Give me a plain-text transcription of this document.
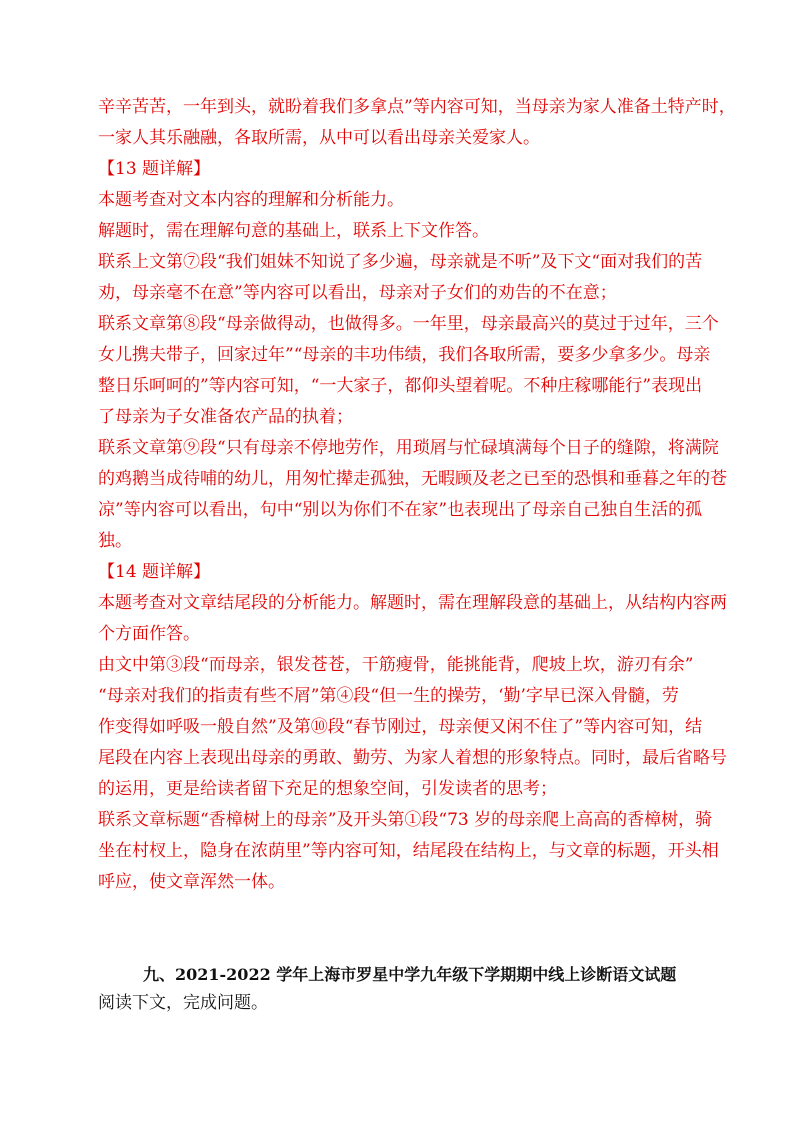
辛辛苦苦，一年到头，就盼着我们多拿点”等内容可知，当母亲为家人准备土特产时，
一家人其乐融融，各取所需，从中可以看出母亲关爱家人。
【13 题详解】
本题考查对文本内容的理解和分析能力。
解题时，需在理解句意的基础上，联系上下文作答。
联系上文第⑦段“我们姐妹不知说了多少遍，母亲就是不听”及下文“面对我们的苦
劝，母亲毫不在意”等内容可以看出，母亲对子女们的劝告的不在意；
联系文章第⑧段“母亲做得动，也做得多。一年里，母亲最高兴的莫过于过年，三个
女儿携夫带子，回家过年”“母亲的丰功伟绩，我们各取所需，要多少拿多少。母亲
整日乐呵呵的”等内容可知，“一大家子，都仰头望着呢。不种庄稼哪能行”表现出
了母亲为子女准备农产品的执着；
联系文章第⑨段“只有母亲不停地劳作，用琐屑与忙碌填满每个日子的缝隙，将满院
的鸡鹅当成待哺的幼儿，用匆忙撵走孤独，无暇顾及老之已至的恐惧和垂暮之年的苍
凉”等内容可以看出，句中“别以为你们不在家”也表现出了母亲自己独自生活的孤
独。
【14 题详解】
本题考查对文章结尾段的分析能力。解题时，需在理解段意的基础上，从结构内容两
个方面作答。
由文中第③段“而母亲，银发苍苍，干筋瘦骨，能挑能背，爬坡上坎，游刃有余”
“母亲对我们的指责有些不屑”第④段“但一生的操劳，‘勤’字早已深入骨髓，劳
作变得如呼吸一般自然”及第⑩段“春节刚过，母亲便又闲不住了”等内容可知，结
尾段在内容上表现出母亲的勇敢、勤劳、为家人着想的形象特点。同时，最后省略号
的运用，更是给读者留下充足的想象空间，引发读者的思考；
联系文章标题“香樟树上的母亲”及开头第①段“73 岁的母亲爬上高高的香樟树，骑
坐在村杈上，隐身在浓荫里”等内容可知，结尾段在结构上，与文章的标题，开头相
呼应，使文章浑然一体。
九、2021-2022 学年上海市罗星中学九年级下学期期中线上诊断语文试题
阅读下文，完成问题。
